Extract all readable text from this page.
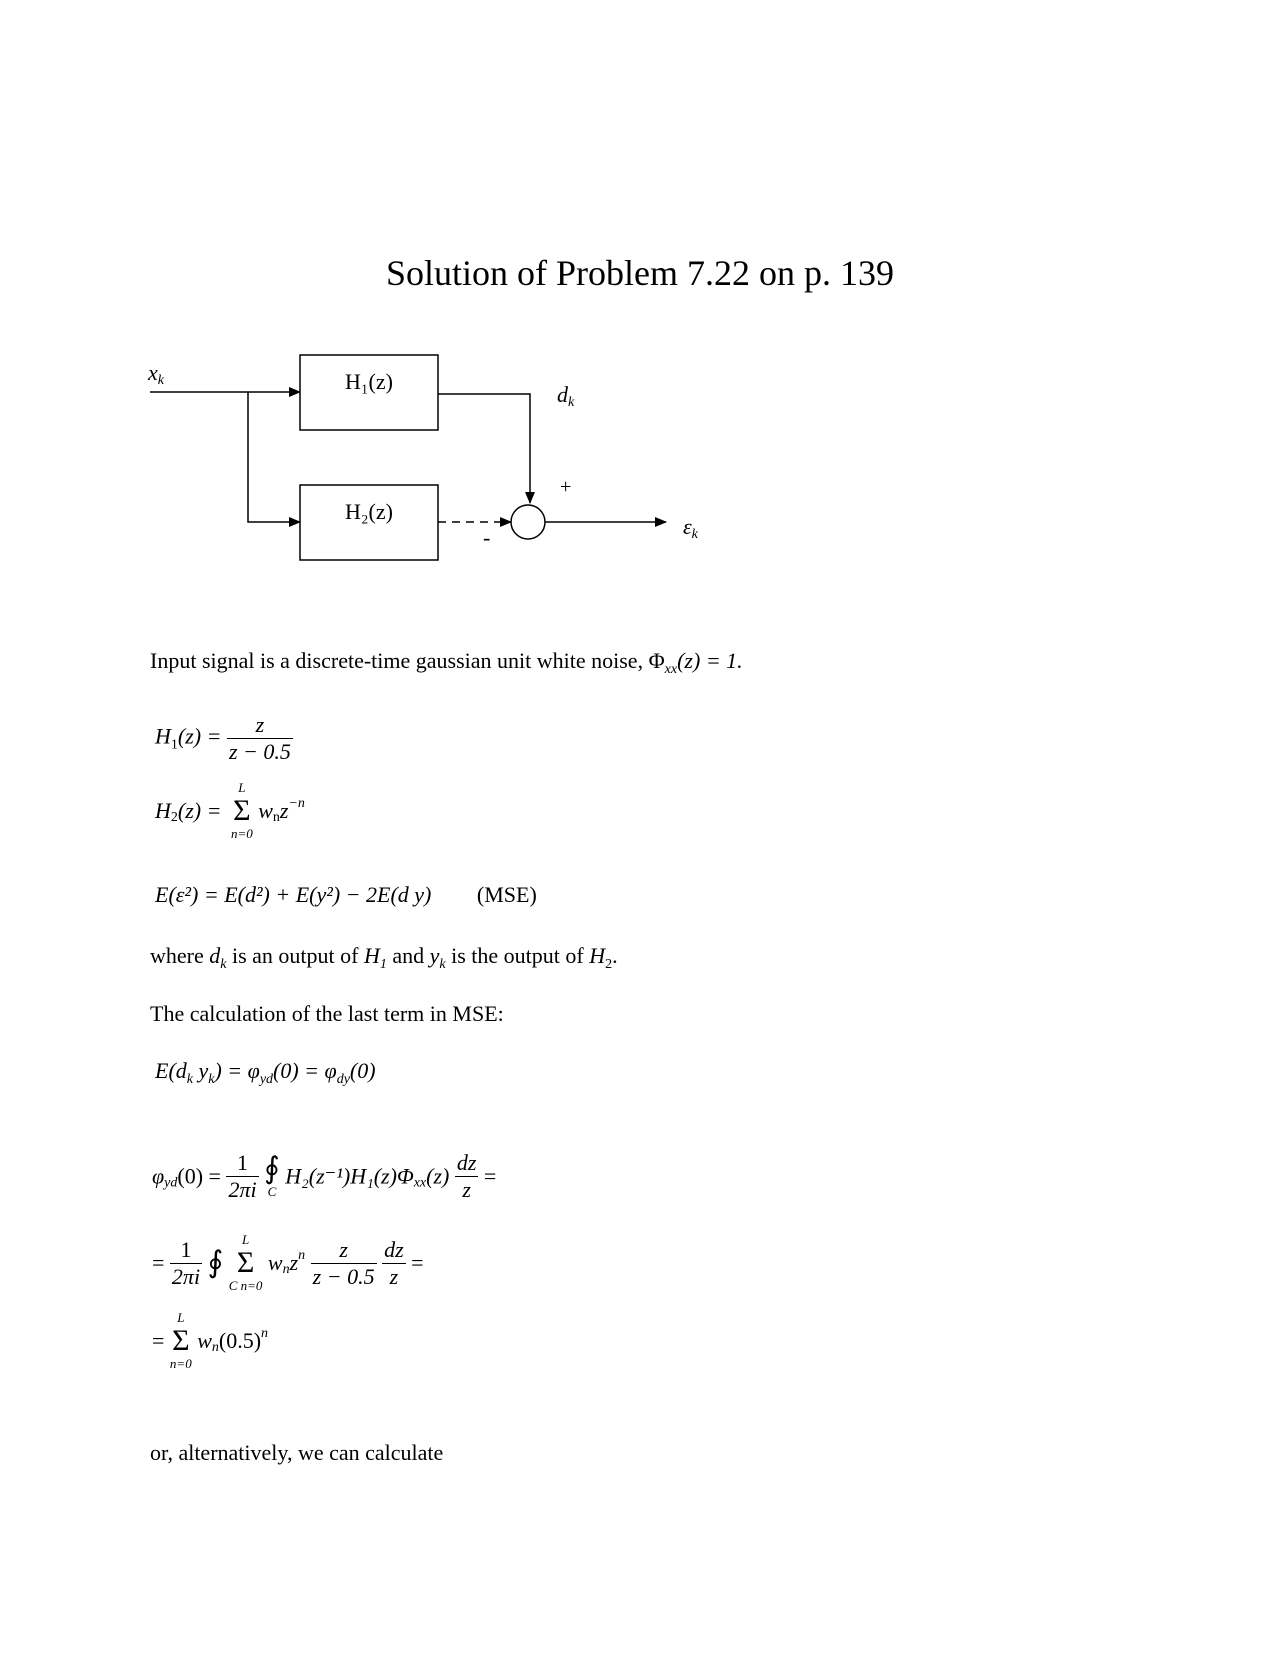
Solution of Problem 7.22 on p. 139
xk	H₁(z)
H₂(z)
dk
+
-	εk
Input signal is a discrete-time gaussian unit white noise, $\Phi_{xx}(z) = 1$.
$H_1(z) = \frac{z}{z - 0.5}$
$H_2(z)$ =
L
Σ
n=0
$w_nz^{-n}$
E(ε²) = E(d²) + E(y²) − 2E(d y) (MSE)
where $d_k$ is an output of $H_1$ and $y_k$ is the output of $H_2$.
The calculation of the last term in MSE:
$E(d_k$ $y_k) = \varphi_{yd}(0) = \varphi_{dy}(0)$
$\varphi_{yd}(0) = \frac{1}{2\pi i}$
∮
C
$H_2(z^{-1})H_1(z)\Phi_{xx}(z) \frac{dz}{z}$ =
= $\frac{1}{2\pi i}$ ∮
L
Σ
C n=0
$w_nz^n \frac{z}{z - 0.5}$
$\frac{dz}{z}$ =
=
L
Σ
n=0
$w_n(0.5)^n$
or, alternatively, we can calculate
